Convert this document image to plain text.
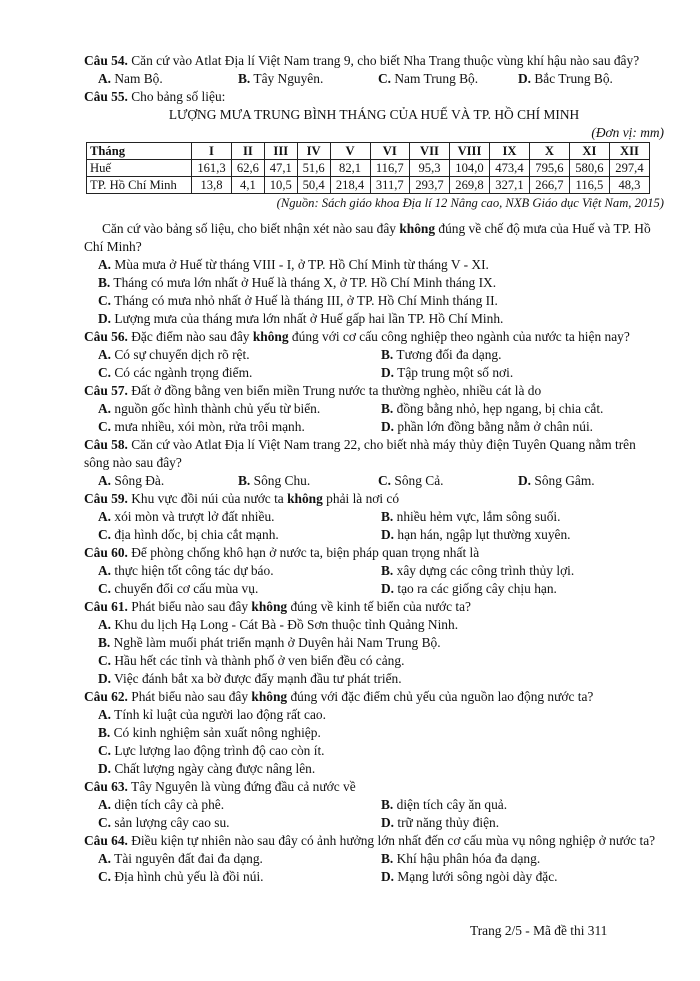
Câu 54. Căn cứ vào Atlat Địa lí Việt Nam trang 9, cho biết Nha Trang thuộc vùng khí hậu nào sau đây?
A. Nam Bộ.	B. Tây Nguyên.	C. Nam Trung Bộ.	D. Bắc Trung Bộ.
Câu 55. Cho bảng số liệu:
LƯỢNG MƯA TRUNG BÌNH THÁNG CỦA HUẾ VÀ TP. HỒ CHÍ MINH
(Đơn vị: mm)
Tháng	I	II	III	IV	V	VI	VII	VIII	IX	X	XI	XII
Huế	161,3	62,6	47,1	51,6	82,1	116,7	95,3	104,0	473,4	795,6	580,6	297,4
TP. Hồ Chí Minh	13,8	4,1	10,5	50,4	218,4	311,7	293,7	269,8	327,1	266,7	116,5	48,3
(Nguồn: Sách giáo khoa Địa lí 12 Nâng cao, NXB Giáo dục Việt Nam, 2015)
Căn cứ vào bảng số liệu, cho biết nhận xét nào sau đây không đúng về chế độ mưa của Huế và TP. Hồ Chí Minh?
A. Mùa mưa ở Huế từ tháng VIII - I, ở TP. Hồ Chí Minh từ tháng V - XI.
B. Tháng có mưa lớn nhất ở Huế là tháng X, ở TP. Hồ Chí Minh tháng IX.
C. Tháng có mưa nhỏ nhất ở Huế là tháng III, ở TP. Hồ Chí Minh tháng II.
D. Lượng mưa của tháng mưa lớn nhất ở Huế gấp hai lần TP. Hồ Chí Minh.
Câu 56. Đặc điểm nào sau đây không đúng với cơ cấu công nghiệp theo ngành của nước ta hiện nay?
A. Có sự chuyển dịch rõ rệt.	B. Tương đối đa dạng.
C. Có các ngành trọng điểm.	D. Tập trung một số nơi.
Câu 57. Đất ở đồng bằng ven biển miền Trung nước ta thường nghèo, nhiều cát là do
A. nguồn gốc hình thành chủ yếu từ biển.	B. đồng bằng nhỏ, hẹp ngang, bị chia cắt.
C. mưa nhiều, xói mòn, rửa trôi mạnh.	D. phần lớn đồng bằng nằm ở chân núi.
Câu 58. Căn cứ vào Atlat Địa lí Việt Nam trang 22, cho biết nhà máy thủy điện Tuyên Quang nằm trên sông nào sau đây?
A. Sông Đà.	B. Sông Chu.	C. Sông Cả.	D. Sông Gâm.
Câu 59. Khu vực đồi núi của nước ta không phải là nơi có
A. xói mòn và trượt lở đất nhiều.	B. nhiều hẻm vực, lắm sông suối.
C. địa hình dốc, bị chia cắt mạnh.	D. hạn hán, ngập lụt thường xuyên.
Câu 60. Để phòng chống khô hạn ở nước ta, biện pháp quan trọng nhất là
A. thực hiện tốt công tác dự báo.	B. xây dựng các công trình thủy lợi.
C. chuyển đổi cơ cấu mùa vụ.	D. tạo ra các giống cây chịu hạn.
Câu 61. Phát biểu nào sau đây không đúng về kinh tế biển của nước ta?
A. Khu du lịch Hạ Long - Cát Bà - Đồ Sơn thuộc tỉnh Quảng Ninh.
B. Nghề làm muối phát triển mạnh ở Duyên hải Nam Trung Bộ.
C. Hầu hết các tỉnh và thành phố ở ven biển đều có cảng.
D. Việc đánh bắt xa bờ được đẩy mạnh đầu tư phát triển.
Câu 62. Phát biểu nào sau đây không đúng với đặc điểm chủ yếu của nguồn lao động nước ta?
A. Tính kỉ luật của người lao động rất cao.
B. Có kinh nghiệm sản xuất nông nghiệp.
C. Lực lượng lao động trình độ cao còn ít.
D. Chất lượng ngày càng được nâng lên.
Câu 63. Tây Nguyên là vùng đứng đầu cả nước về
A. diện tích cây cà phê.	B. diện tích cây ăn quả.
C. sản lượng cây cao su.	D. trữ năng thủy điện.
Câu 64. Điều kiện tự nhiên nào sau đây có ảnh hưởng lớn nhất đến cơ cấu mùa vụ nông nghiệp ở nước ta?
A. Tài nguyên đất đai đa dạng.	B. Khí hậu phân hóa đa dạng.
C. Địa hình chủ yếu là đồi núi.	D. Mạng lưới sông ngòi dày đặc.
Trang 2/5 - Mã đề thi 311
